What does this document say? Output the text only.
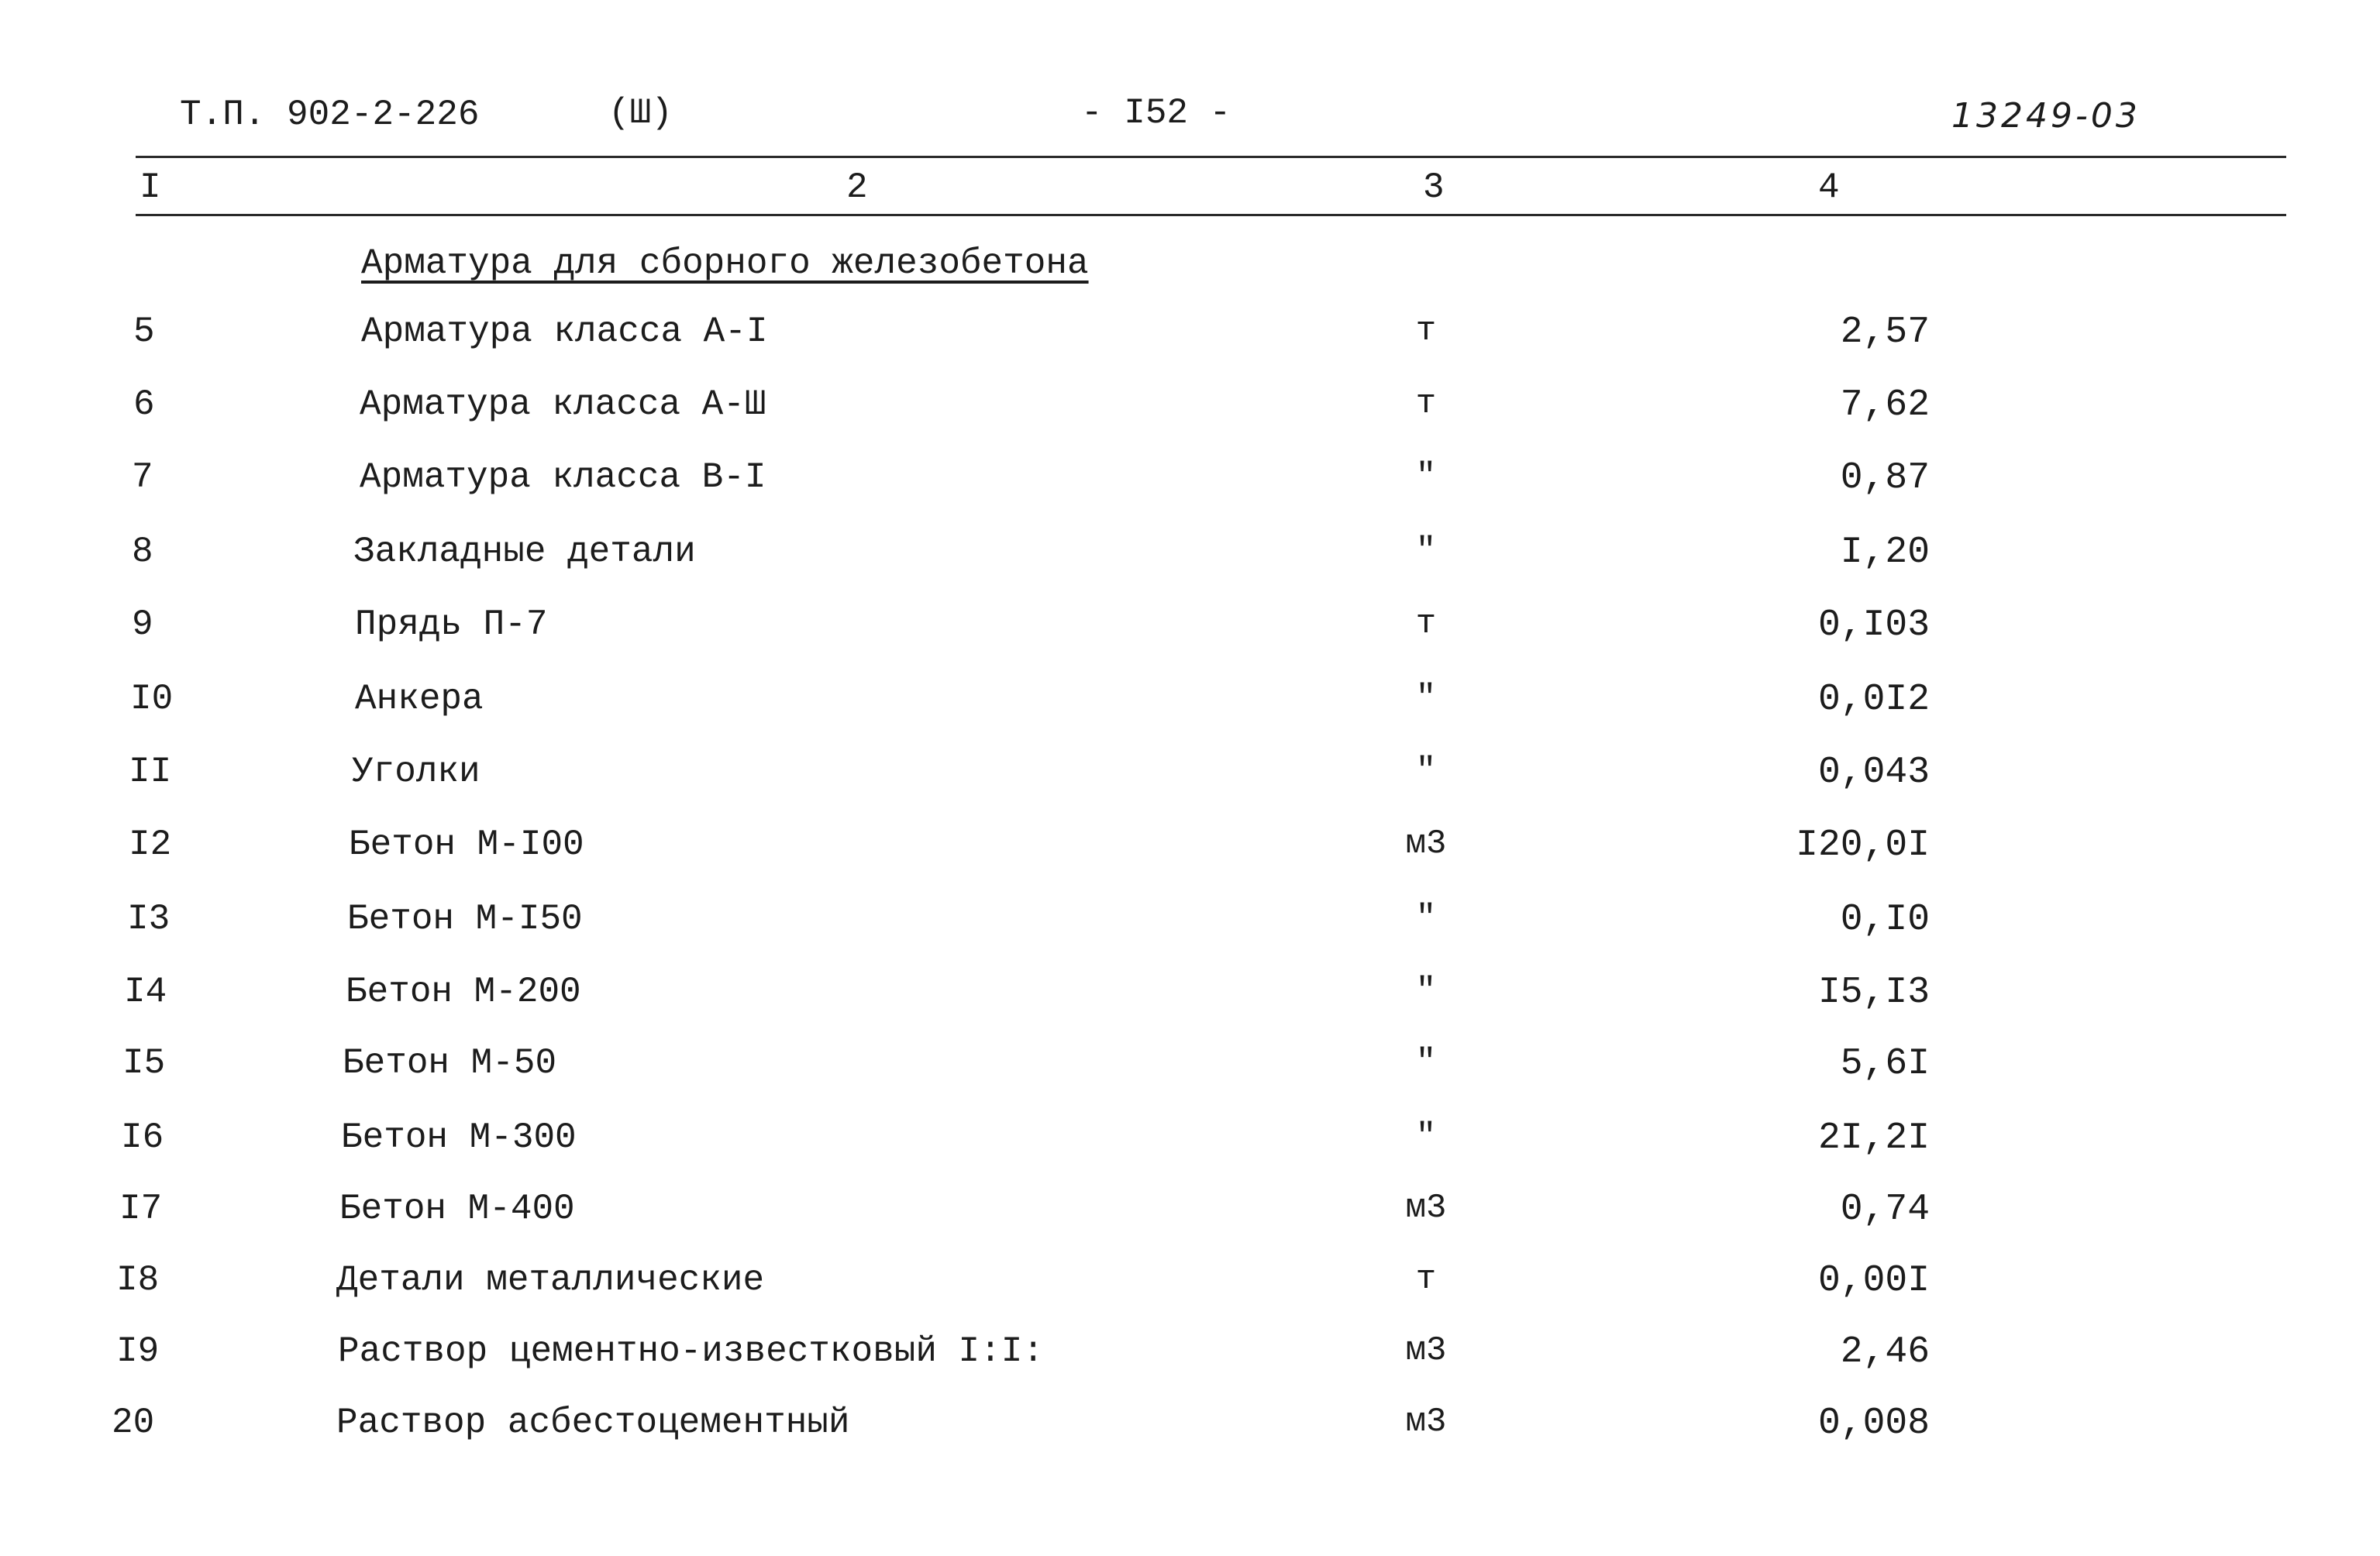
Т.П. 902-2-226	(Ш)	- I52 -	13249-03
I	2	3	4
Арматура для сборного железобетона
5	Арматура класса A-I	т	2,57
6	Арматура класса A-Ш	т	7,62
7	Арматура класса B-I	"	0,87
8	Закладные детали	"	I,20
9	Прядь П-7	т	0,I03
I0	Анкера	"	0,0I2
II	Уголки	"	0,043
I2	Бетон М-I00	м3	I20,0I
I3	Бетон М-I50	"	0,I0
I4	Бетон М-200	"	I5,I3
I5	Бетон М-50	"	5,6I
I6	Бетон М-300	"	2I,2I
I7	Бетон М-400	м3	0,74
I8	Детали металлические	т	0,00I
I9	Раствор цементно-известковый I:I:	м3	2,46
20	Раствор асбестоцементный	м3	0,008
